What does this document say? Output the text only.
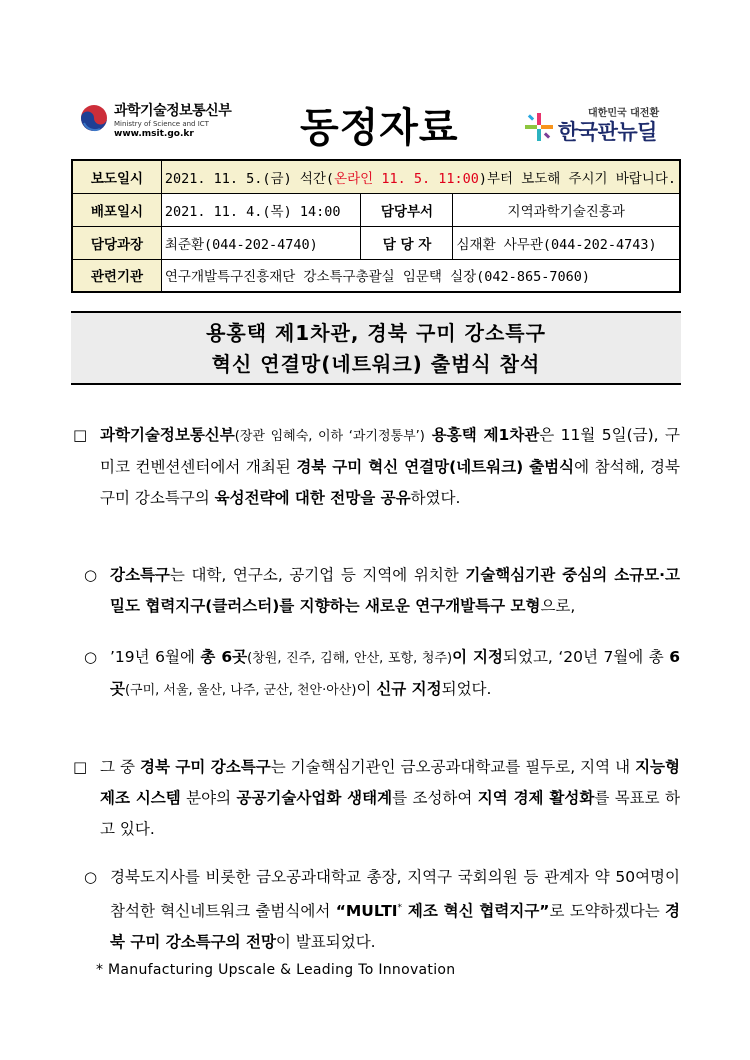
과학기술정보통신부
Ministry of Science and ICT
www.msit.go.kr	동정자료	대한민국 대전환
한국판뉴딜
보도일시	2021. 11. 5.(금) 석간(온라인 11. 5. 11:00)부터 보도해 주시기 바랍니다.		
배포일시	2021. 11. 4.(목) 14:00	담당부서	지역과학기술진흥과
담당과장	최준환(044-202-4740)	담 당 자	심재환 사무관(044-202-4743)
관련기관	연구개발특구진흥재단 강소특구총괄실 임문택 실장(042-865-7060)		
용홍택 제1차관, 경북 구미 강소특구
혁신 연결망(네트워크) 출범식 참석
□ 과학기술정보통신부(장관 임혜숙, 이하 ‘과기정통부’) 용홍택 제1차관은 11월 5일(금), 구미코 컨벤션센터에서 개최된 경북 구미 혁신 연결망(네트워크) 출범식에 참석해, 경북 구미 강소특구의 육성전략에 대한 전망을 공유하였다.
○ 강소특구는 대학, 연구소, 공기업 등 지역에 위치한 기술핵심기관 중심의 소규모·고밀도 협력지구(클러스터)를 지향하는 새로운 연구개발특구 모형으로,
○ ’19년 6월에 총 6곳(창원, 진주, 김해, 안산, 포항, 청주)이 지정되었고, ‘20년 7월에 총 6곳(구미, 서울, 울산, 나주, 군산, 천안·아산)이 신규 지정되었다.
□ 그 중 경북 구미 강소특구는 기술핵심기관인 금오공과대학교를 필두로, 지역 내 지능형 제조 시스템 분야의 공공기술사업화 생태계를 조성하여 지역 경제 활성화를 목표로 하고 있다.
○ 경북도지사를 비롯한 금오공과대학교 총장, 지역구 국회의원 등 관계자 약 50여명이 참석한 혁신네트워크 출범식에서 “MULTI* 제조 혁신 협력지구”로 도약하겠다는 경북 구미 강소특구의 전망이 발표되었다.
* Manufacturing Upscale & Leading To Innovation
